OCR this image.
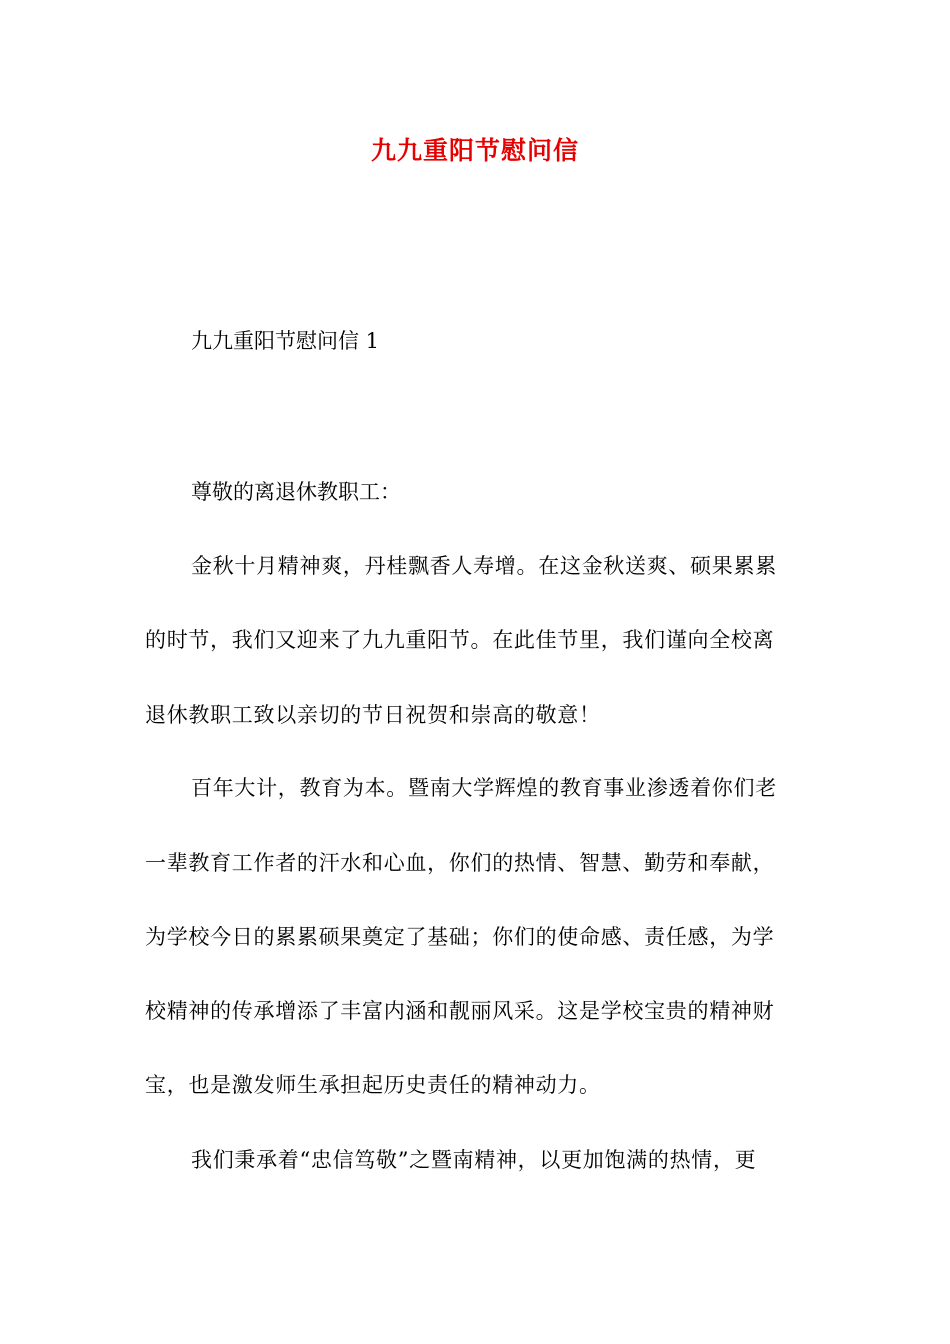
九九重阳节慰问信
九九重阳节慰问信 1
尊敬的离退休教职工：
金秋十月精神爽，丹桂飘香人寿增。在这金秋送爽、硕果累累
的时节，我们又迎来了九九重阳节。在此佳节里，我们谨向全校离
退休教职工致以亲切的节日祝贺和崇高的敬意！
百年大计，教育为本。暨南大学辉煌的教育事业渗透着你们老
一辈教育工作者的汗水和心血，你们的热情、智慧、勤劳和奉献，
为学校今日的累累硕果奠定了基础；你们的使命感、责任感，为学
校精神的传承增添了丰富内涵和靓丽风采。这是学校宝贵的精神财
宝，也是激发师生承担起历史责任的精神动力。
我们秉承着“忠信笃敬”之暨南精神，以更加饱满的热情，更
